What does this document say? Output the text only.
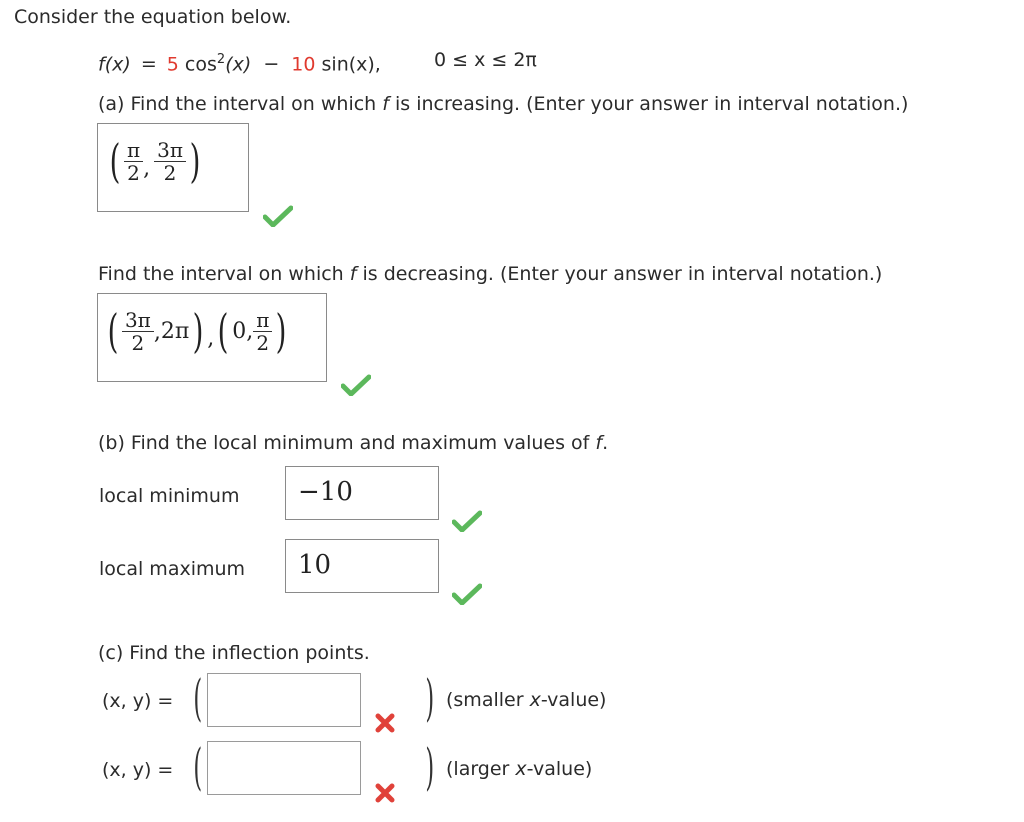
Consider the equation below.
f(x) = 5 $\cos^2(x) - 10$ sin(x),	0 ≤ x ≤ 2π
(a) Find the interval on which f is increasing. (Enter your answer in interval notation.)
( $\frac{\pi}{2}$ , $\frac{3\pi}{2}$ )
Find the interval on which f is decreasing. (Enter your answer in interval notation.)
( $\frac{3\pi}{2}$ , 2π ) , ( 0, $\frac{\pi}{2}$ )
(b) Find the local minimum and maximum values of f.
local minimum −10
local maximum 10
(c) Find the inflection points.
(x, y) = (	) (smaller x-value)
(x, y) = (	) (larger x-value)
